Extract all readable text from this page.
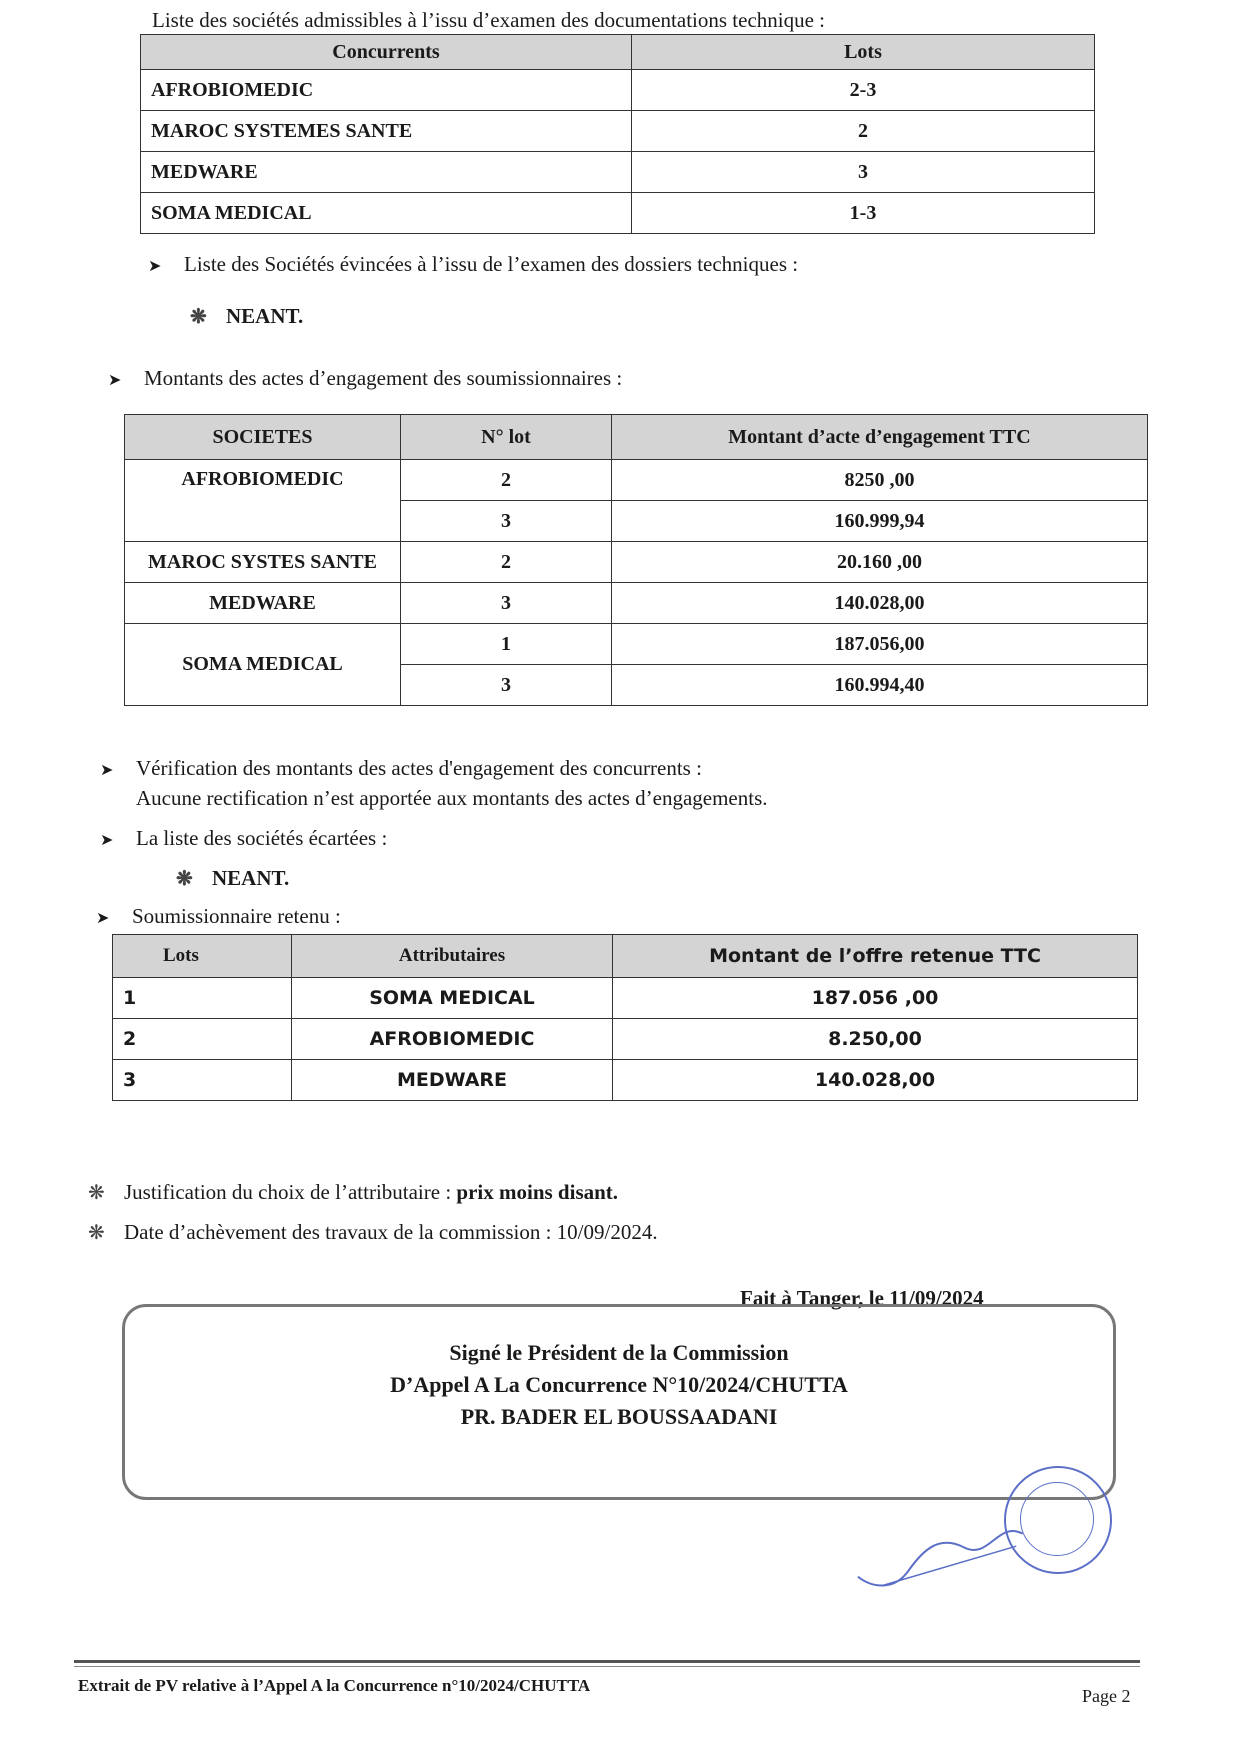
Liste des sociétés admissibles à l’issu d’examen des documentations technique :
Concurrents	Lots
AFROBIOMEDIC	2-3
MAROC SYSTEMES SANTE	2
MEDWARE	3
SOMA MEDICAL	1-3
➤ Liste des Sociétés évincées à l’issu de l’examen des dossiers techniques :
❋ NEANT.
➤ Montants des actes d’engagement des soumissionnaires :
SOCIETES	N° lot	Montant d’acte d’engagement TTC
AFROBIOMEDIC	2	8250 ,00
	3	160.999,94
MAROC SYSTES SANTE	2	20.160 ,00
MEDWARE	3	140.028,00
SOMA MEDICAL	1	187.056,00
	3	160.994,40
➤ Vérification des montants des actes d'engagement des concurrents :
Aucune rectification n’est apportée aux montants des actes d’engagements.
➤ La liste des sociétés écartées :
❋ NEANT.
➤ Soumissionnaire retenu :
Lots	Attributaires	Montant de l’offre retenue TTC
1	SOMA MEDICAL	187.056 ,00
2	AFROBIOMEDIC	8.250,00
3	MEDWARE	140.028,00
❋ Justification du choix de l’attributaire : prix moins disant.
❋ Date d’achèvement des travaux de la commission : 10/09/2024.
Fait à Tanger, le 11/09/2024
Signé le Président de la Commission
D’Appel A La Concurrence N°10/2024/CHUTTA
PR. BADER EL BOUSSAADANI
Extrait de PV relative à l’Appel A la Concurrence n°10/2024/CHUTTA
Page 2
